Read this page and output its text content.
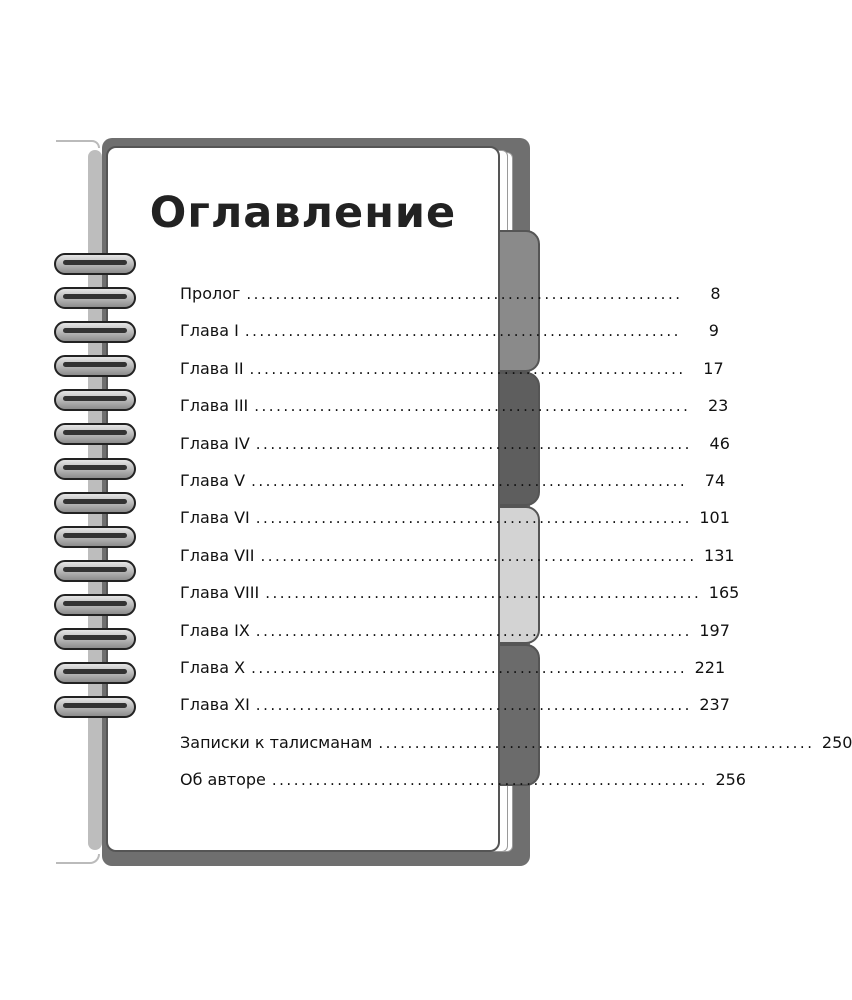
Оглавление
Пролог ............................................................	8
Глава I ............................................................	9
Глава II ............................................................	17
Глава III ............................................................	23
Глава IV ............................................................	46
Глава V ............................................................	74
Глава VI ............................................................ 101
Глава VII ............................................................ 131
Глава VIII ............................................................ 165
Глава IX ............................................................ 197
Глава X ............................................................ 221
Глава XI ............................................................ 237
Записки к талисманам ............................................................ 250
Об авторе ............................................................ 256
